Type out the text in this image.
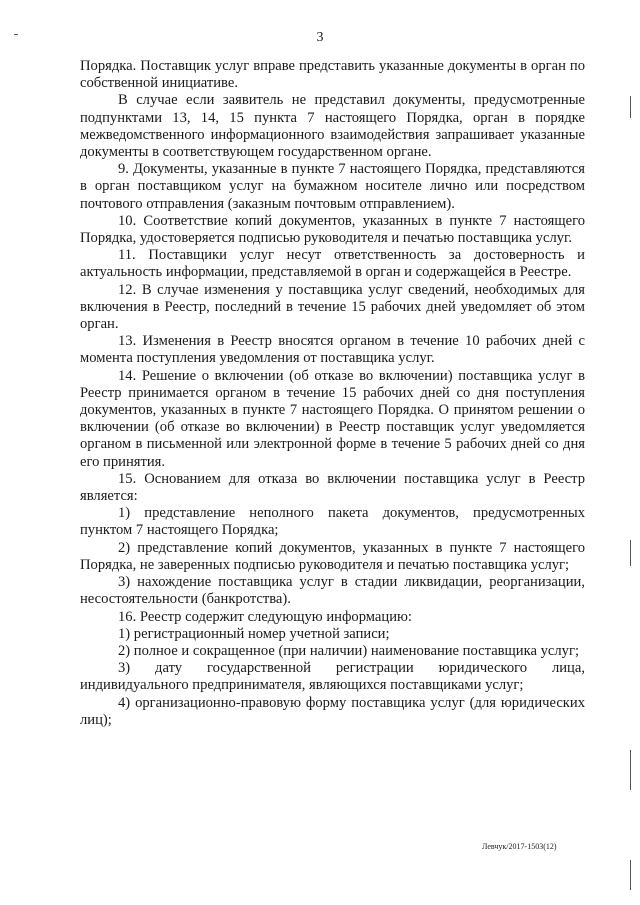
3

Порядка. Поставщик услуг вправе представить указанные документы в орган по собственной инициативе.

В случае если заявитель не представил документы, предусмотренные подпунктами 13, 14, 15 пункта 7 настоящего Порядка, орган в порядке межведомственного информационного взаимодействия запрашивает указанные документы в соответствующем государственном органе.

9. Документы, указанные в пункте 7 настоящего Порядка, представляются в орган поставщиком услуг на бумажном носителе лично или посредством почтового отправления (заказным почтовым отправлением).

10. Соответствие копий документов, указанных в пункте 7 настоящего Порядка, удостоверяется подписью руководителя и печатью поставщика услуг.

11. Поставщики услуг несут ответственность за достоверность и актуальность информации, представляемой в орган и содержащейся в Реестре.

12. В случае изменения у поставщика услуг сведений, необходимых для включения в Реестр, последний в течение 15 рабочих дней уведомляет об этом орган.

13. Изменения в Реестр вносятся органом в течение 10 рабочих дней с момента поступления уведомления от поставщика услуг.

14. Решение о включении (об отказе во включении) поставщика услуг в Реестр принимается органом в течение 15 рабочих дней со дня поступления документов, указанных в пункте 7 настоящего Порядка. О принятом решении о включении (об отказе во включении) в Реестр поставщик услуг уведомляется органом в письменной или электронной форме в течение 5 рабочих дней со дня его принятия.

15. Основанием для отказа во включении поставщика услуг в Реестр является:

1) представление неполного пакета документов, предусмотренных пунктом 7 настоящего Порядка;

2) представление копий документов, указанных в пункте 7 настоящего Порядка, не заверенных подписью руководителя и печатью поставщика услуг;

3) нахождение поставщика услуг в стадии ликвидации, реорганизации, несостоятельности (банкротства).

16. Реестр содержит следующую информацию:

1) регистрационный номер учетной записи;

2) полное и сокращенное (при наличии) наименование поставщика услуг;

3) дату государственной регистрации юридического лица, индивидуального предпринимателя, являющихся поставщиками услуг;

4) организационно-правовую форму поставщика услуг (для юридических лиц);

Левчук/2017-1503(12)
